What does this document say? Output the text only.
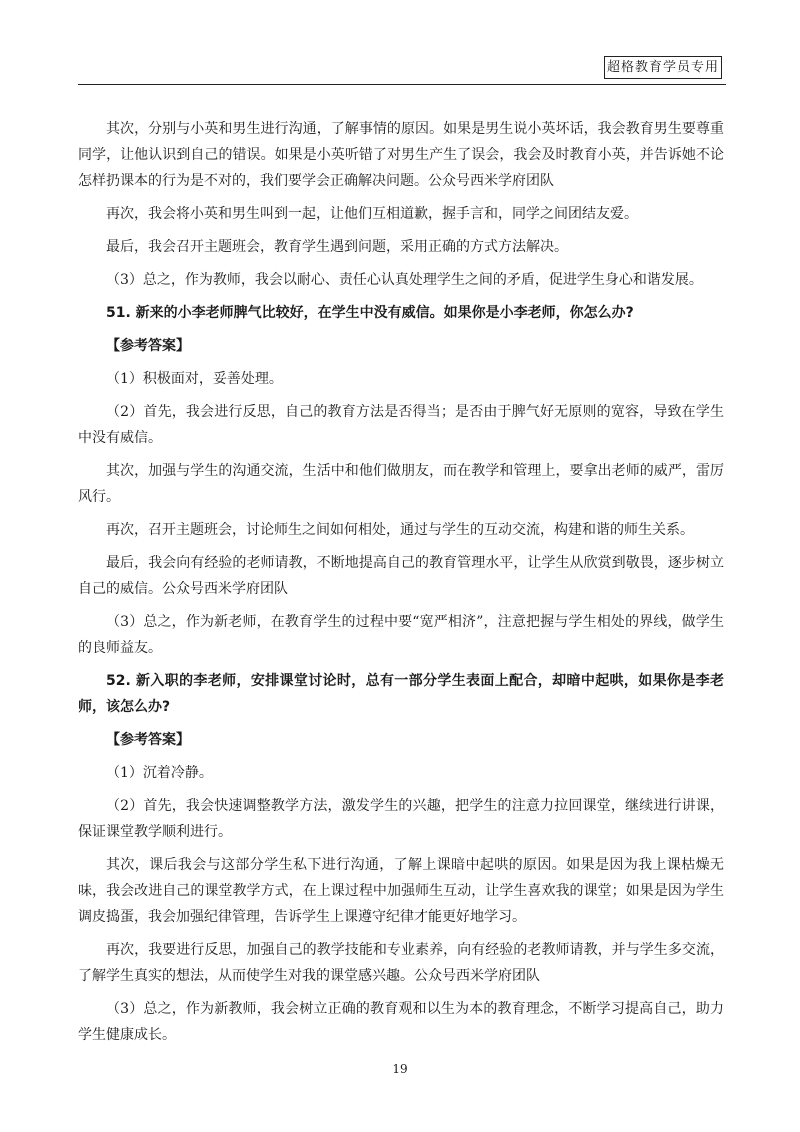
超格教育学员专用

其次，分别与小英和男生进行沟通，了解事情的原因。如果是男生说小英坏话，我会教育男生要尊重同学，让他认识到自己的错误。如果是小英听错了对男生产生了误会，我会及时教育小英，并告诉她不论怎样扔课本的行为是不对的，我们要学会正确解决问题。公众号西米学府团队

再次，我会将小英和男生叫到一起，让他们互相道歉，握手言和，同学之间团结友爱。

最后，我会召开主题班会，教育学生遇到问题，采用正确的方式方法解决。

（3）总之，作为教师，我会以耐心、责任心认真处理学生之间的矛盾，促进学生身心和谐发展。

51. 新来的小李老师脾气比较好，在学生中没有威信。如果你是小李老师，你怎么办?

【参考答案】

（1）积极面对，妥善处理。

（2）首先，我会进行反思，自己的教育方法是否得当；是否由于脾气好无原则的宽容，导致在学生中没有威信。

其次，加强与学生的沟通交流，生活中和他们做朋友，而在教学和管理上，要拿出老师的威严，雷厉风行。

再次，召开主题班会，讨论师生之间如何相处，通过与学生的互动交流，构建和谐的师生关系。

最后，我会向有经验的老师请教，不断地提高自己的教育管理水平，让学生从欣赏到敬畏，逐步树立自己的威信。公众号西米学府团队

（3）总之，作为新老师，在教育学生的过程中要“宽严相济”，注意把握与学生相处的界线，做学生的良师益友。

52. 新入职的李老师，安排课堂讨论时，总有一部分学生表面上配合，却暗中起哄，如果你是李老师，该怎么办?

【参考答案】

（1）沉着冷静。

（2）首先，我会快速调整教学方法，激发学生的兴趣，把学生的注意力拉回课堂，继续进行讲课，保证课堂教学顺利进行。

其次，课后我会与这部分学生私下进行沟通，了解上课暗中起哄的原因。如果是因为我上课枯燥无味，我会改进自己的课堂教学方式，在上课过程中加强师生互动，让学生喜欢我的课堂；如果是因为学生调皮捣蛋，我会加强纪律管理，告诉学生上课遵守纪律才能更好地学习。

再次，我要进行反思，加强自己的教学技能和专业素养，向有经验的老教师请教，并与学生多交流，了解学生真实的想法，从而使学生对我的课堂感兴趣。公众号西米学府团队

（3）总之，作为新教师，我会树立正确的教育观和以生为本的教育理念，不断学习提高自己，助力学生健康成长。

19
